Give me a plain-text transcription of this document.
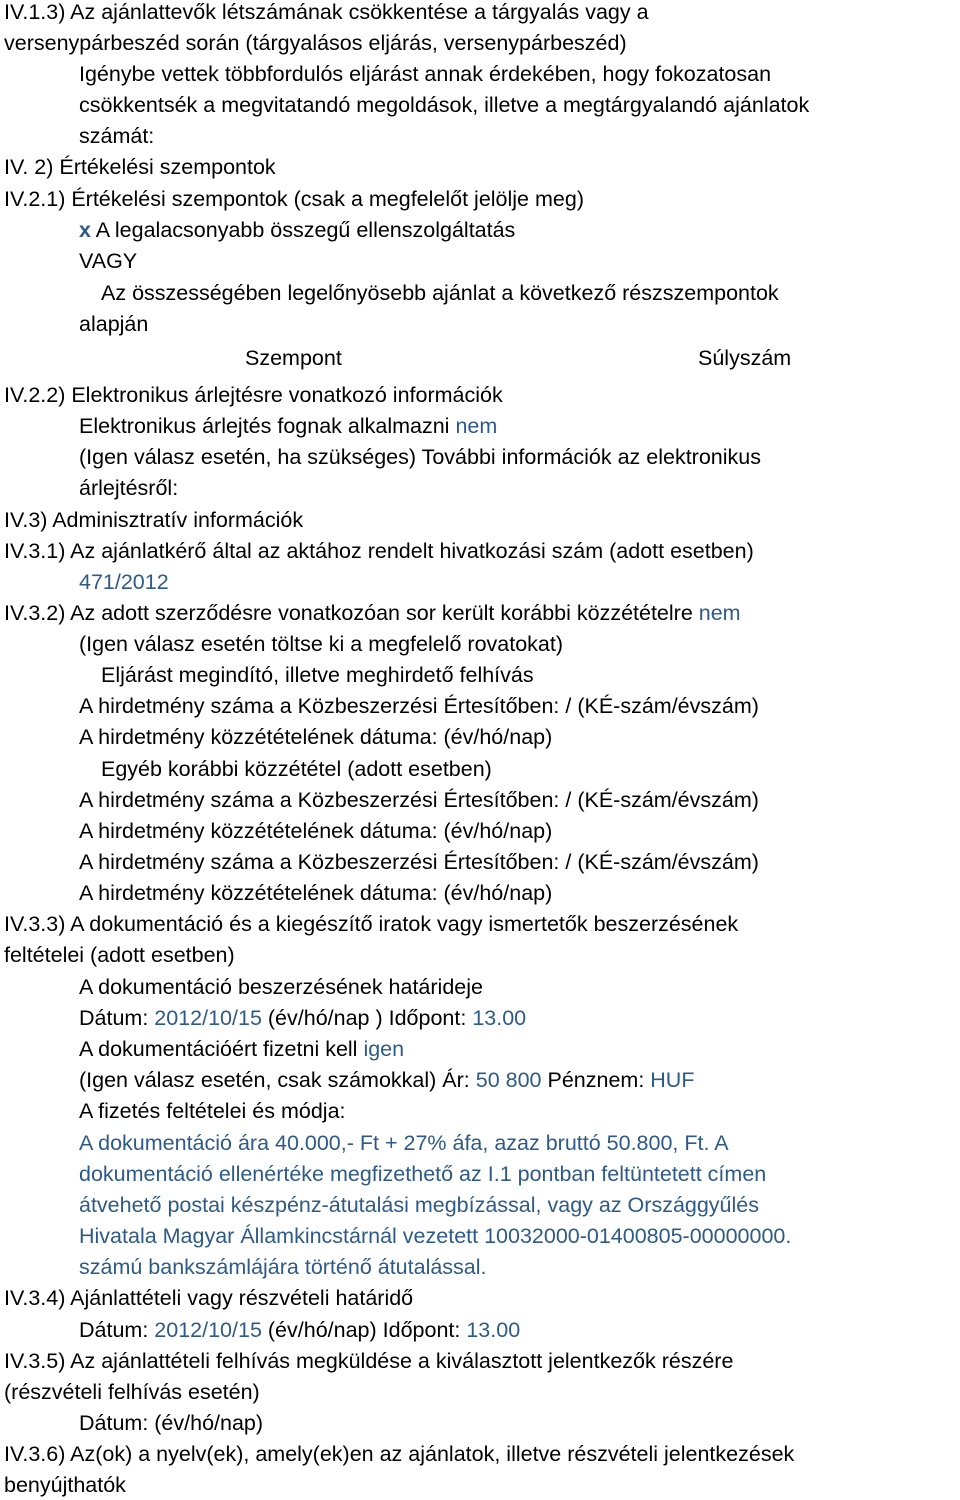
IV.1.3) Az ajánlattevők létszámának csökkentése a tárgyalás vagy a
versenypárbeszéd során (tárgyalásos eljárás, versenypárbeszéd)
Igénybe vettek többfordulós eljárást annak érdekében, hogy fokozatosan
csökkentsék a megvitatandó megoldások, illetve a megtárgyalandó ajánlatok
számát:
IV. 2) Értékelési szempontok
IV.2.1) Értékelési szempontok (csak a megfelelőt jelölje meg)
x A legalacsonyabb összegű ellenszolgáltatás
VAGY
Az összességében legelőnyösebb ajánlat a következő részszempontok
alapján
Szempont	Súlyszám
IV.2.2) Elektronikus árlejtésre vonatkozó információk
Elektronikus árlejtés fognak alkalmazni nem
(Igen válasz esetén, ha szükséges) További információk az elektronikus
árlejtésről:
IV.3) Adminisztratív információk
IV.3.1) Az ajánlatkérő által az aktához rendelt hivatkozási szám (adott esetben)
471/2012
IV.3.2) Az adott szerződésre vonatkozóan sor került korábbi közzétételre nem
(Igen válasz esetén töltse ki a megfelelő rovatokat)
Eljárást megindító, illetve meghirdető felhívás
A hirdetmény száma a Közbeszerzési Értesítőben: / (KÉ-szám/évszám)
A hirdetmény közzétételének dátuma: (év/hó/nap)
Egyéb korábbi közzététel (adott esetben)
A hirdetmény száma a Közbeszerzési Értesítőben: / (KÉ-szám/évszám)
A hirdetmény közzétételének dátuma: (év/hó/nap)
A hirdetmény száma a Közbeszerzési Értesítőben: / (KÉ-szám/évszám)
A hirdetmény közzétételének dátuma: (év/hó/nap)
IV.3.3) A dokumentáció és a kiegészítő iratok vagy ismertetők beszerzésének
feltételei (adott esetben)
A dokumentáció beszerzésének határideje
Dátum: 2012/10/15 (év/hó/nap ) Időpont: 13.00
A dokumentációért fizetni kell igen
(Igen válasz esetén, csak számokkal) Ár: 50 800 Pénznem: HUF
A fizetés feltételei és módja:
A dokumentáció ára 40.000,- Ft + 27% áfa, azaz bruttó 50.800, Ft. A
dokumentáció ellenértéke megfizethető az I.1 pontban feltüntetett címen
átvehető postai készpénz-átutalási megbízással, vagy az Országgyűlés
Hivatala Magyar Államkincstárnál vezetett 10032000-01400805-00000000.
számú bankszámlájára történő átutalással.
IV.3.4) Ajánlattételi vagy részvételi határidő
Dátum: 2012/10/15 (év/hó/nap) Időpont: 13.00
IV.3.5) Az ajánlattételi felhívás megküldése a kiválasztott jelentkezők részére
(részvételi felhívás esetén)
Dátum: (év/hó/nap)
IV.3.6) Az(ok) a nyelv(ek), amely(ek)en az ajánlatok, illetve részvételi jelentkezések
benyújthatók
